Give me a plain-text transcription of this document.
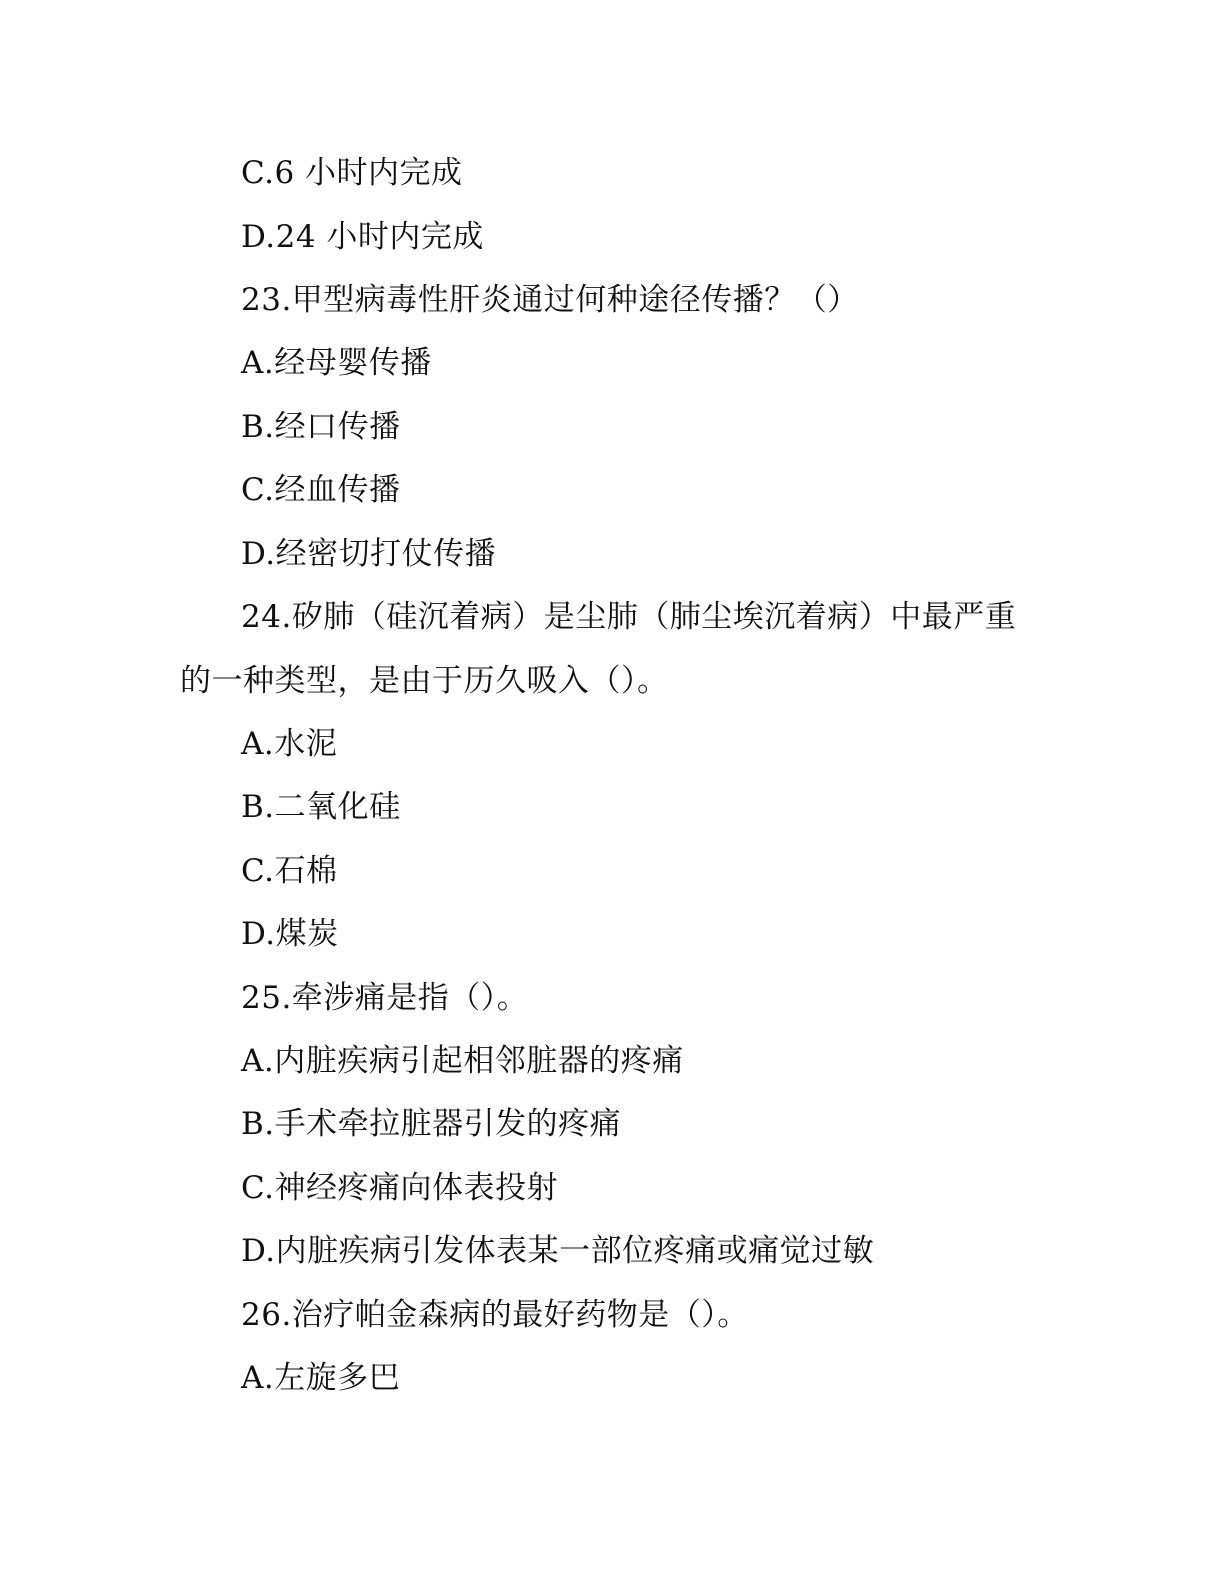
C.6 小时内完成
D.24 小时内完成
23.甲型病毒性肝炎通过何种途径传播？（）
A.经母婴传播
B.经口传播
C.经血传播
D.经密切打仗传播
24.矽肺（硅沉着病）是尘肺（肺尘埃沉着病）中最严重
的一种类型，是由于历久吸入（）。
A.水泥
B.二氧化硅
C.石棉
D.煤炭
25.牵涉痛是指（）。
A.内脏疾病引起相邻脏器的疼痛
B.手术牵拉脏器引发的疼痛
C.神经疼痛向体表投射
D.内脏疾病引发体表某一部位疼痛或痛觉过敏
26.治疗帕金森病的最好药物是（）。
A.左旋多巴
